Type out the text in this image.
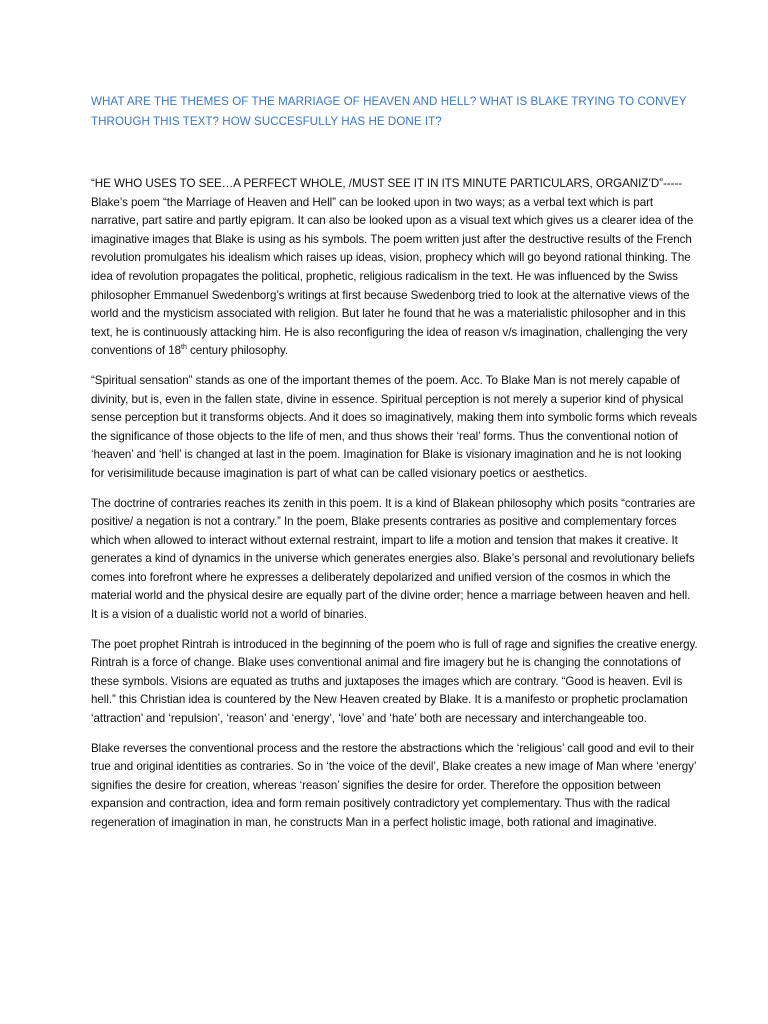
WHAT ARE THE THEMES OF THE MARRIAGE OF HEAVEN AND HELL? WHAT IS BLAKE TRYING TO CONVEY
THROUGH THIS TEXT? HOW SUCCESFULLY HAS HE DONE IT?

“HE WHO USES TO SEE…A PERFECT WHOLE, /MUST SEE IT IN ITS MINUTE PARTICULARS, ORGANIZ’D”----- Blake’s poem “the Marriage of Heaven and Hell” can be looked upon in two ways; as a verbal text which is part narrative, part satire and partly epigram. It can also be looked upon as a visual text which gives us a clearer idea of the imaginative images that Blake is using as his symbols. The poem written just after the destructive results of the French revolution promulgates his idealism which raises up ideas, vision, prophecy which will go beyond rational thinking. The idea of revolution propagates the political, prophetic, religious radicalism in the text. He was influenced by the Swiss philosopher Emmanuel Swedenborg’s writings at first because Swedenborg tried to look at the alternative views of the world and the mysticism associated with religion. But later he found that he was a materialistic philosopher and in this text, he is continuously attacking him. He is also reconfiguring the idea of reason v/s imagination, challenging the very conventions of 18th century philosophy.

“Spiritual sensation” stands as one of the important themes of the poem. Acc. To Blake Man is not merely capable of divinity, but is, even in the fallen state, divine in essence. Spiritual perception is not merely a superior kind of physical sense perception but it transforms objects. And it does so imaginatively, making them into symbolic forms which reveals the significance of those objects to the life of men, and thus shows their ‘real’ forms. Thus the conventional notion of ‘heaven’ and ‘hell’ is changed at last in the poem. Imagination for Blake is visionary imagination and he is not looking for verisimilitude because imagination is part of what can be called visionary poetics or aesthetics.

The doctrine of contraries reaches its zenith in this poem. It is a kind of Blakean philosophy which posits “contraries are positive/ a negation is not a contrary.” In the poem, Blake presents contraries as positive and complementary forces which when allowed to interact without external restraint, impart to life a motion and tension that makes it creative. It generates a kind of dynamics in the universe which generates energies also. Blake’s personal and revolutionary beliefs comes into forefront where he expresses a deliberately depolarized and unified version of the cosmos in which the material world and the physical desire are equally part of the divine order; hence a marriage between heaven and hell. It is a vision of a dualistic world not a world of binaries.

The poet prophet Rintrah is introduced in the beginning of the poem who is full of rage and signifies the creative energy. Rintrah is a force of change. Blake uses conventional animal and fire imagery but he is changing the connotations of these symbols. Visions are equated as truths and juxtaposes the images which are contrary. “Good is heaven. Evil is hell.” this Christian idea is countered by the New Heaven created by Blake. It is a manifesto or prophetic proclamation ‘attraction’ and ‘repulsion’, ‘reason’ and ‘energy’, ‘love’ and ‘hate’ both are necessary and interchangeable too.

Blake reverses the conventional process and the restore the abstractions which the ‘religious’ call good and evil to their true and original identities as contraries. So in ‘the voice of the devil’, Blake creates a new image of Man where ‘energy’ signifies the desire for creation, whereas ‘reason’ signifies the desire for order. Therefore the opposition between expansion and contraction, idea and form remain positively contradictory yet complementary. Thus with the radical regeneration of imagination in man, he constructs Man in a perfect holistic image, both rational and imaginative.
